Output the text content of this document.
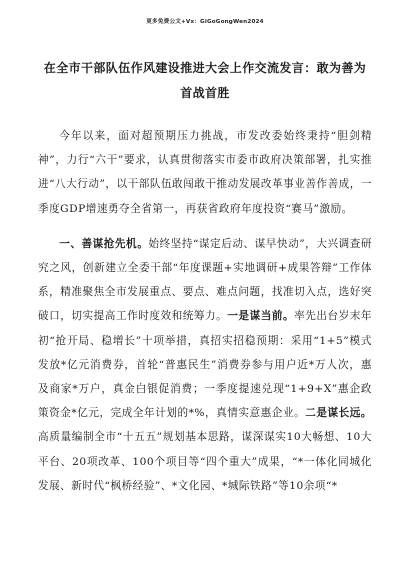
更多免费公文+Vx：GiGoGongWen2024
在全市干部队伍作风建设推进大会上作交流发言：敢为善为首战首胜

今年以来，面对超预期压力挑战，市发改委始终秉持“胆剑精神”，力行“六干”要求，认真贯彻落实市委市政府决策部署，扎实推进“八大行动”，以干部队伍敢闯敢干推动发展改革事业善作善成，一季度GDP增速勇夺全省第一，再获省政府年度投资“赛马”激励。

一、善谋抢先机。始终坚持“谋定后动、谋早快动”，大兴调查研究之风，创新建立全委干部“年度课题+实地调研+成果答辩”工作体系，精准聚焦全市发展重点、要点、难点问题，找准切入点，选好突破口，切实提高工作时度效和统筹力。一是谋当前。率先出台岁末年初“抢开局、稳增长”十项举措，真招实招稳预期：采用“1+5”模式发放*亿元消费券，首轮“普惠民生”消费券参与用户近*万人次，惠及商家*万户，真金白银促消费；一季度提速兑现“1+9+X”惠企政策资金*亿元，完成全年计划的*%，真情实意惠企业。二是谋长远。高质量编制全市“十五五”规划基本思路，谋深谋实10大畅想、10大平台、20项改革、100个项目等“四个重大”成果，“*一体化同城化发展、新时代“枫桥经验”、*文化园、*城际铁路”等10余项“*
